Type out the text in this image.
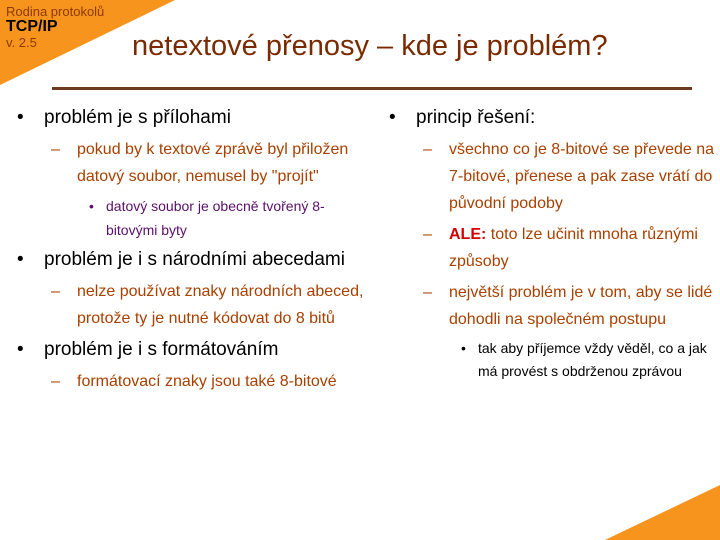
Rodina protokolů
TCP/IP
v. 2.5	netextové přenosy – kde je problém?
• problém je s přílohami
– pokud by k textové zprávě byl přiložen datový soubor, nemusel by "projít"
• datový soubor je obecně tvořený 8-bitovými byty
• problém je i s národními abecedami
– nelze používat znaky národních abeced, protože ty je nutné kódovat do 8 bitů
• problém je i s formátováním
– formátovací znaky jsou také 8-bitové
• princip řešení:
– všechno co je 8-bitové se převede na 7-bitové, přenese a pak zase vrátí do původní podoby
– ALE: toto lze učinit mnoha různými způsoby
– největší problém je v tom, aby se lidé dohodli na společném postupu
• tak aby příjemce vždy věděl, co a jak má provést s obdrženou zprávou
